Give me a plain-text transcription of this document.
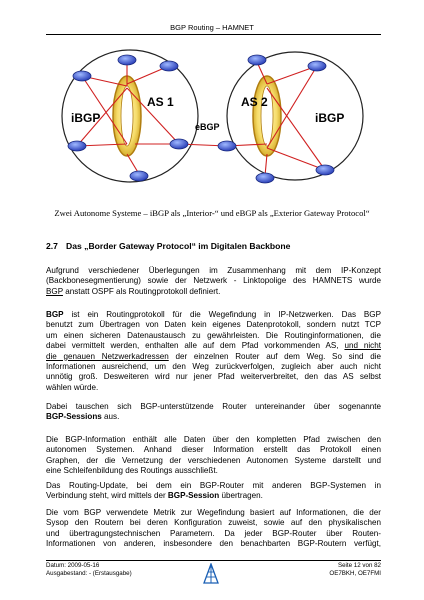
BGP Routing – HAMNET
AS 1	AS 2
iBGP	iBGP
eBGP
Zwei Autonome Systeme – iBGP als „Interior-“ und eBGP als „Exterior Gateway Protocol“
2.7 Das „Border Gateway Protocol“ im Digitalen Backbone
Aufgrund verschiedener Überlegungen im Zusammenhang mit dem IP-Konzept
(Backbonesegmentierung) sowie der Netzwerk - Linktopolige des HAMNETS wurde
BGP anstatt OSPF als Routingprotokoll definiert.
BGP ist ein Routingprotokoll für die Wegefindung in IP-Netzwerken. Das BGP
benutzt zum Übertragen von Daten kein eigenes Datenprotokoll, sondern nutzt TCP
um einen sicheren Datenaustausch zu gewährleisten. Die Routinginformationen, die
dabei vermittelt werden, enthalten alle auf dem Pfad vorkommenden AS, und nicht
die genauen Netzwerkadressen der einzelnen Router auf dem Weg. So sind die
Informationen ausreichend, um den Weg zurückverfolgen, zugleich aber auch nicht
unnötig groß. Desweiteren wird nur jener Pfad weiterverbreitet, den das AS selbst
wählen würde.
Dabei tauschen sich BGP-unterstützende Router untereinander über sogenannte
BGP-Sessions aus.
Die BGP-Information enthält alle Daten über den kompletten Pfad zwischen den
autonomen Systemen. Anhand dieser Information erstellt das Protokoll einen
Graphen, der die Vernetzung der verschiedenen Autonomen Systeme darstellt und
eine Schleifenbildung des Routings ausschließt.
Das Routing-Update, bei dem ein BGP-Router mit anderen BGP-Systemen in
Verbindung steht, wird mittels der BGP-Session übertragen.
Die vom BGP verwendete Metrik zur Wegefindung basiert auf Informationen, die der
Sysop den Routern bei deren Konfiguration zuweist, sowie auf den physikalischen
und übertragungstechnischen Parametern. Da jeder BGP-Router über Routen-
Informationen von anderen, insbesondere den benachbarten BGP-Routern verfügt,
Datum: 2009-05-16
Ausgabestand: - (Erstausgabe)
Seite 12 von 82
OE7BKH, OE7FMI
